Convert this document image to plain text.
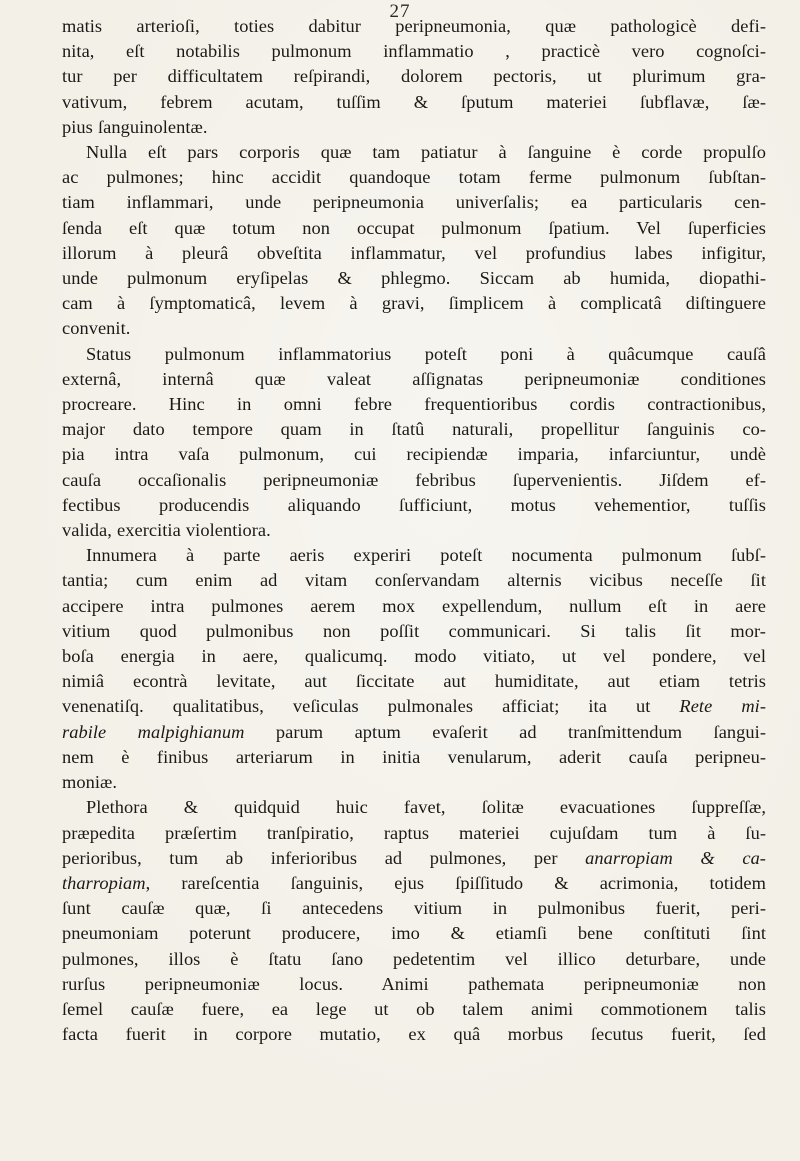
27
matis arterioſi, toties dabitur peripneumonia, quæ pathologicè defi-
nita, eſt notabilis pulmonum inflammatio , practicè vero cognoſci-
tur per difficultatem reſpirandi, dolorem pectoris, ut plurimum gra-
vativum, febrem acutam, tuſſim & ſputum materiei ſubflavæ, ſæ-
pius ſanguinolentæ.
Nulla eſt pars corporis quæ tam patiatur à ſanguine è corde propulſo
ac pulmones; hinc accidit quandoque totam ferme pulmonum ſubſtan-
tiam inflammari, unde peripneumonia univerſalis; ea particularis cen-
ſenda eſt quæ totum non occupat pulmonum ſpatium. Vel ſuperficies
illorum à pleurâ obveſtita inflammatur, vel profundius labes infigitur,
unde pulmonum eryſipelas & phlegmo. Siccam ab humida, diopathi-
cam à ſymptomaticâ, levem à gravi, ſimplicem à complicatâ diſtinguere
convenit.
Status pulmonum inflammatorius poteſt poni à quâcumque cauſâ
externâ, internâ quæ valeat aſſignatas peripneumoniæ conditiones
procreare. Hinc in omni febre frequentioribus cordis contractionibus,
major dato tempore quam in ſtatû naturali, propellitur ſanguinis co-
pia intra vaſa pulmonum, cui recipiendæ imparia, infarciuntur, undè
cauſa occaſionalis peripneumoniæ febribus ſupervenientis. Jiſdem ef-
fectibus producendis aliquando ſufficiunt, motus vehementior, tuſſis
valida, exercitia violentiora.
Innumera à parte aeris experiri poteſt nocumenta pulmonum ſubſ-
tantia; cum enim ad vitam conſervandam alternis vicibus neceſſe ſit
accipere intra pulmones aerem mox expellendum, nullum eſt in aere
vitium quod pulmonibus non poſſit communicari. Si talis ſit mor-
boſa energia in aere, qualicumq. modo vitiato, ut vel pondere, vel
nimiâ econtrà levitate, aut ſiccitate aut humiditate, aut etiam tetris
venenatiſq. qualitatibus, veſiculas pulmonales afficiat; ita ut Rete mi-
rabile malpighianum parum aptum evaſerit ad tranſmittendum ſangui-
nem è finibus arteriarum in initia venularum, aderit cauſa peripneu-
moniæ.
Plethora & quidquid huic favet, ſolitæ evacuationes ſuppreſſæ,
præpedita præſertim tranſpiratio, raptus materiei cujuſdam tum à ſu-
perioribus, tum ab inferioribus ad pulmones, per anarropiam & ca-
tharropiam, rareſcentia ſanguinis, ejus ſpiſſitudo & acrimonia, totidem
ſunt cauſæ quæ, ſi antecedens vitium in pulmonibus fuerit, peri-
pneumoniam poterunt producere, imo & etiamſi bene conſtituti ſint
pulmones, illos è ſtatu ſano pedetentim vel illico deturbare, unde
rurſus peripneumoniæ locus. Animi pathemata peripneumoniæ non
ſemel cauſæ fuere, ea lege ut ob talem animi commotionem talis
facta fuerit in corpore mutatio, ex quâ morbus ſecutus fuerit, ſed
